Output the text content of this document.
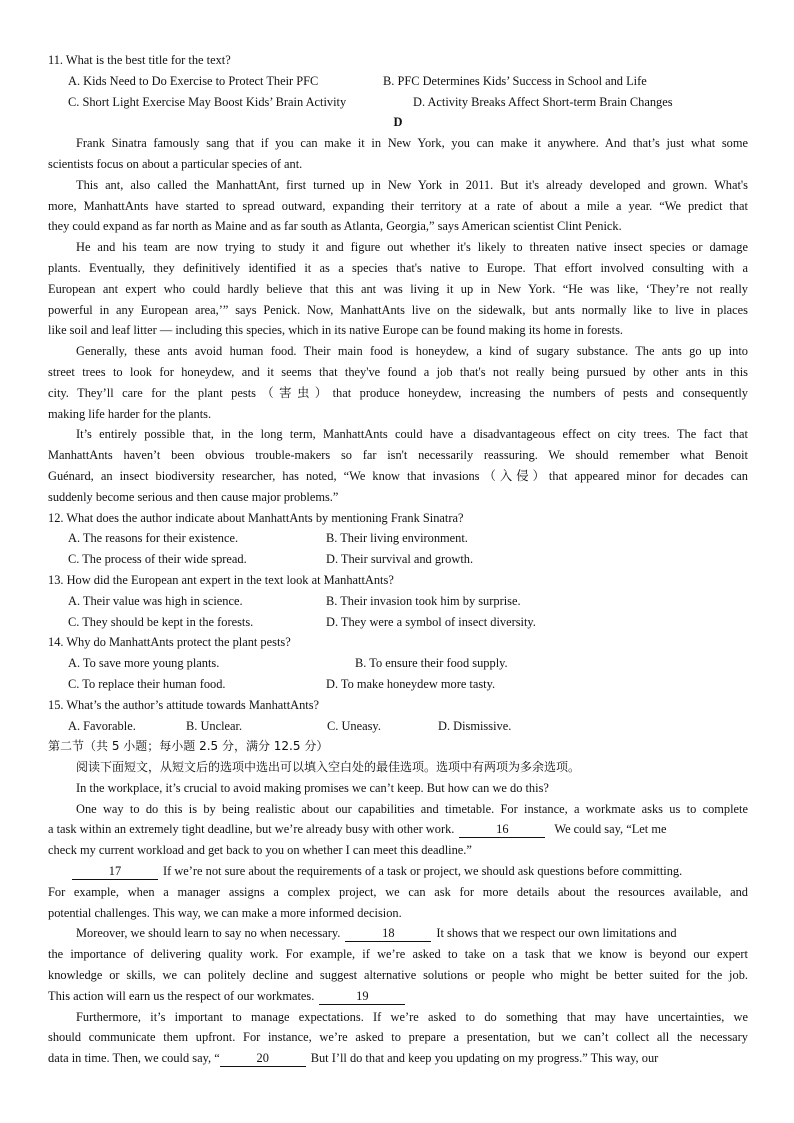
11. What is the best title for the text?
A. Kids Need to Do Exercise to Protect Their PFC	B. PFC Determines Kids’ Success in School and Life
C. Short Light Exercise May Boost Kids’ Brain Activity	D. Activity Breaks Affect Short-term Brain Changes
D
Frank Sinatra famously sang that if you can make it in New York, you can make it anywhere. And that’s just what some
scientists focus on about a particular species of ant.
This ant, also called the ManhattAnt, first turned up in New York in 2011. But it's already developed and grown. What's
more, ManhattAnts have started to spread outward, expanding their territory at a rate of about a mile a year. “We predict that
they could expand as far north as Maine and as far south as Atlanta, Georgia,” says American scientist Clint Penick.
He and his team are now trying to study it and figure out whether it's likely to threaten native insect species or damage
plants. Eventually, they definitively identified it as a species that's native to Europe. That effort involved consulting with a
European ant expert who could hardly believe that this ant was living it up in New York. “He was like, ‘They’re not really
powerful in any European area,’” says Penick. Now, ManhattAnts live on the sidewalk, but ants normally like to live in places
like soil and leaf litter — including this species, which in its native Europe can be found making its home in forests.
Generally, these ants avoid human food. Their main food is honeydew, a kind of sugary substance. The ants go up into
street trees to look for honeydew, and it seems that they've found a job that's not really being pursued by other ants in this
city. They’ll care for the plant pests（害虫）that produce honeydew, increasing the numbers of pests and consequently
making life harder for the plants.
It’s entirely possible that, in the long term, ManhattAnts could have a disadvantageous effect on city trees. The fact that
ManhattAnts haven’t been obvious trouble-makers so far isn't necessarily reassuring. We should remember what Benoit
Guénard, an insect biodiversity researcher, has noted, “We know that invasions（入侵）that appeared minor for decades can
suddenly become serious and then cause major problems.”
12. What does the author indicate about ManhattAnts by mentioning Frank Sinatra?
A. The reasons for their existence.	B. Their living environment.
C. The process of their wide spread.	D. Their survival and growth.
13. How did the European ant expert in the text look at ManhattAnts?
A. Their value was high in science.	B. Their invasion took him by surprise.
C. They should be kept in the forests.	D. They were a symbol of insect diversity.
14. Why do ManhattAnts protect the plant pests?
A. To save more young plants.	B. To ensure their food supply.
C. To replace their human food.	D. To make honeydew more tasty.
15. What’s the author’s attitude towards ManhattAnts?
A. Favorable.	B. Unclear.	C. Uneasy.	D. Dismissive.
第二节（共 5 小题；每小题 2.5 分，满分 12.5 分）
阅读下面短文，从短文后的选项中选出可以填入空白处的最佳选项。选项中有两项为多余选项。
In the workplace, it’s crucial to avoid making promises we can’t keep. But how can we do this?
One way to do this is by being realistic about our capabilities and timetable. For instance, a workmate asks us to complete
a task within an extremely tight deadline, but we’re already busy with other work.	16	We could say, “Let me
check my current workload and get back to you on whether I can meet this deadline.”
17	If we’re not sure about the requirements of a task or project, we should ask questions before committing.
For example, when a manager assigns a complex project, we can ask for more details about the resources available, and
potential challenges. This way, we can make a more informed decision.
Moreover, we should learn to say no when necessary.	18	It shows that we respect our own limitations and
the importance of delivering quality work. For example, if we’re asked to take on a task that we know is beyond our expert
knowledge or skills, we can politely decline and suggest alternative solutions or people who might be better suited for the job.
This action will earn us the respect of our workmates.	19
Furthermore, it’s important to manage expectations. If we’re asked to do something that may have uncertainties, we
should communicate them upfront. For instance, we’re asked to prepare a presentation, but we can’t collect all the necessary
data in time. Then, we could say, “	20	But I’ll do that and keep you updating on my progress.” This way, our
